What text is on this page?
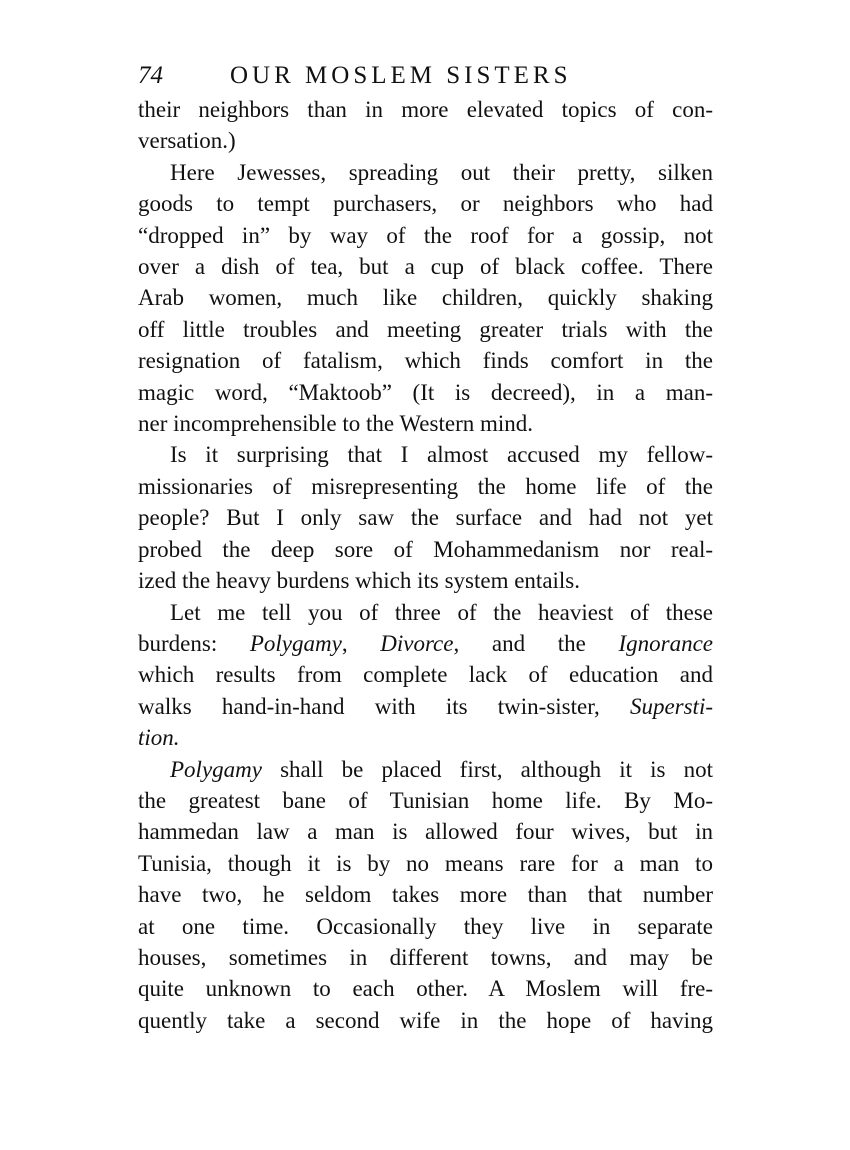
74	OUR MOSLEM SISTERS

their neighbors than in more elevated topics of con-
versation.)

Here Jewesses, spreading out their pretty, silken
goods to tempt purchasers, or neighbors who had
“dropped in” by way of the roof for a gossip, not
over a dish of tea, but a cup of black coffee. There
Arab women, much like children, quickly shaking
off little troubles and meeting greater trials with the
resignation of fatalism, which finds comfort in the
magic word, “Maktoob” (It is decreed), in a man-
ner incomprehensible to the Western mind.

Is it surprising that I almost accused my fellow-
missionaries of misrepresenting the home life of the
people? But I only saw the surface and had not yet
probed the deep sore of Mohammedanism nor real-
ized the heavy burdens which its system entails.

Let me tell you of three of the heaviest of these
burdens: Polygamy, Divorce, and the Ignorance
which results from complete lack of education and
walks hand-in-hand with its twin-sister, Supersti-
tion.

Polygamy shall be placed first, although it is not
the greatest bane of Tunisian home life. By Mo-
hammedan law a man is allowed four wives, but in
Tunisia, though it is by no means rare for a man to
have two, he seldom takes more than that number
at one time. Occasionally they live in separate
houses, sometimes in different towns, and may be
quite unknown to each other. A Moslem will fre-
quently take a second wife in the hope of having
